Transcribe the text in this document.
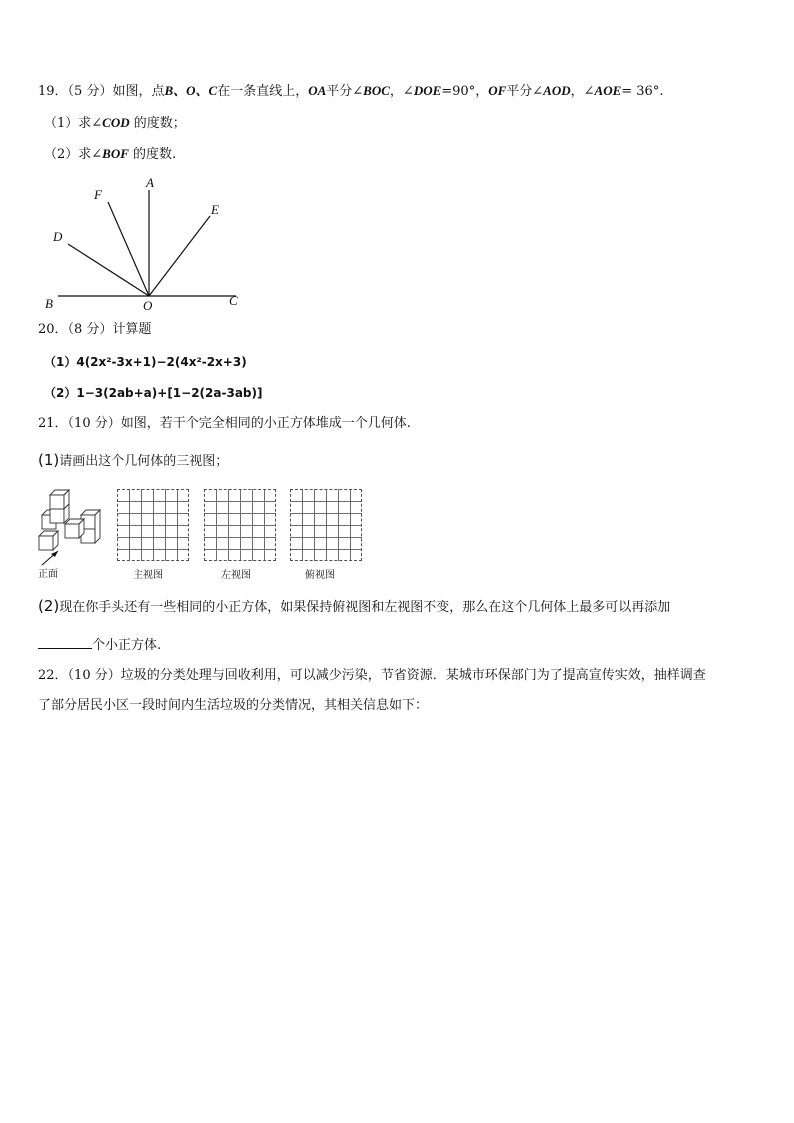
19．（5 分）如图，点B、O、C在一条直线上，OA平分∠BOC，∠DOE=90°，OF平分∠AOD，∠AOE= 36°.
（1）求∠COD 的度数；
（2）求∠BOF 的度数.
F
A
E
D
B	O	C
20．（8 分）计算题
（1）4(2x²-3x+1)−2(4x²-2x+3)
（2）1−3(2ab+a)+[1−2(2a-3ab)]
21．（10 分）如图，若干个完全相同的小正方体堆成一个几何体.
(1)请画出这个几何体的三视图；
正面	主视图	左视图	俯视图
(2)现在你手头还有一些相同的小正方体，如果保持俯视图和左视图不变，那么在这个几何体上最多可以再添加
个小正方体.
22．（10 分）垃圾的分类处理与回收利用，可以减少污染，节省资源．某城市环保部门为了提高宣传实效，抽样调查
了部分居民小区一段时间内生活垃圾的分类情况，其相关信息如下：
